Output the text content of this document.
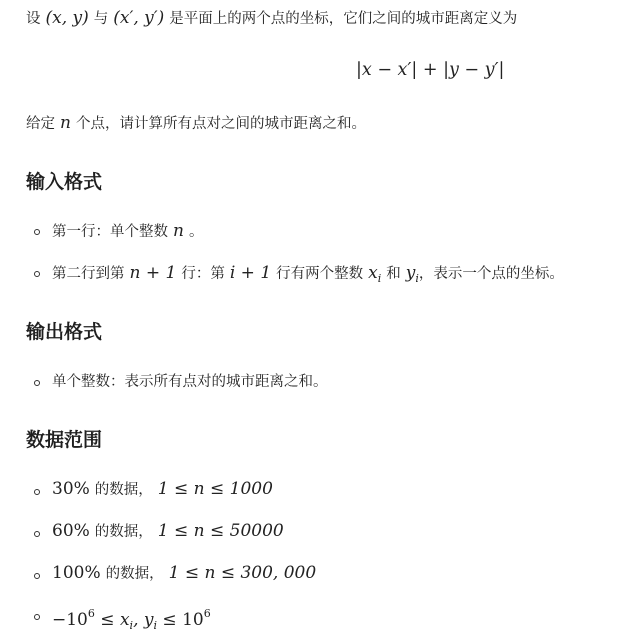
设 (x, y) 与 (x′, y′) 是平面上的两个点的坐标，它们之间的城市距离定义为
|x − x′| + |y − y′|
给定 n 个点，请计算所有点对之间的城市距离之和。
输入格式
第一行：单个整数 n 。
第二行到第 n + 1 行：第 i + 1 行有两个整数 $x_i$ 和 $y_i$，表示一个点的坐标。
输出格式
单个整数：表示所有点对的城市距离之和。
数据范围
30% 的数据， 1 ≤ n ≤ 1000
60% 的数据， 1 ≤ n ≤ 50000
100% 的数据， 1 ≤ n ≤ 300, 000
$-10^6 \le x_i$, $y_i \le 10^6$
